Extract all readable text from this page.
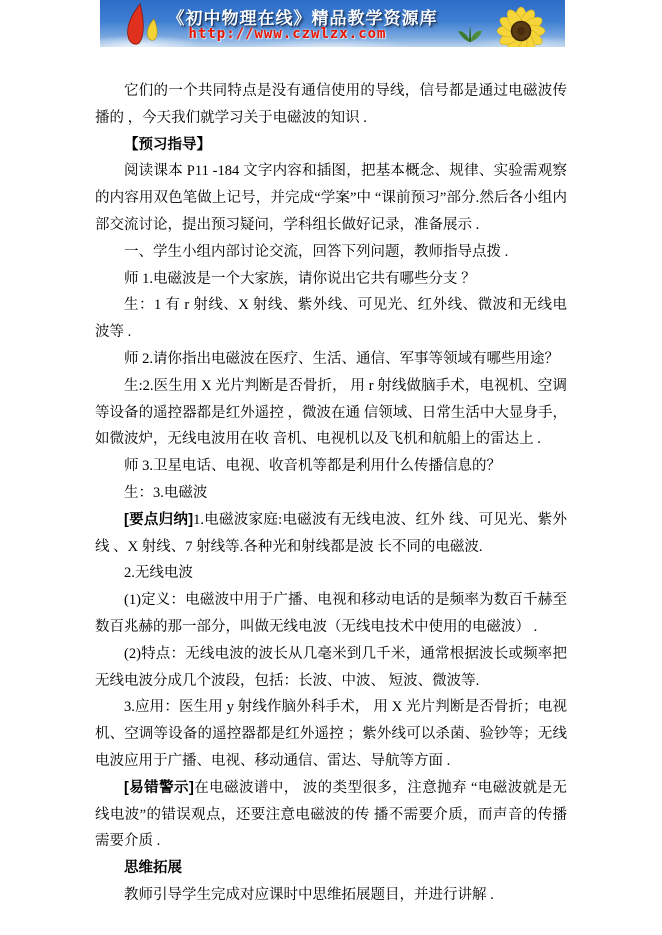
《初中物理在线》精品教学资源库
http://www.czwlzx.com

它们的一个共同特点是没有通信使用的导线，信号都是通过电磁波传播的 ，今天我们就学习关于电磁波的知识 .

【预习指导】

阅读课本 P11 -184 文字内容和插图，把基本概念、规律、实验需观察的内容用双色笔做上记号，并完成“学案”中 “课前预习”部分.然后各小组内部交流讨论，提出预习疑问，学科组长做好记录，准备展示 .

一、学生小组内部讨论交流，回答下列问题，教师指导点拨 .

师 1.电磁波是一个大家族，请你说出它共有哪些分支 ？

生：1 有 r 射线、X 射线、紫外线、可见光、红外线、微波和无线电波等 .

师 2.请你指出电磁波在医疗、生活、通信、军事等领域有哪些用途？

生:2.医生用 X 光片判断是否骨折， 用 r 射线做脑手术，电视机、空调等设备的遥控器都是红外遥控 ，微波在通 信领域、日常生活中大显身手，如微波炉，无线电波用在收 音机、电视机以及飞机和航船上的雷达上 .

师 3.卫星电话、电视、收音机等都是利用什么传播信息的？

生：3.电磁波

[要点归纳]1.电磁波家庭:电磁波有无线电波、红外 线、可见光、紫外线 、X 射线、7 射线等.各种光和射线都是波 长不同的电磁波.

2.无线电波

(1)定义：电磁波中用于广播、电视和移动电话的是频率为数百千赫至数百兆赫的那一部分，叫做无线电波（无线电技术中使用的电磁波） .

(2)特点：无线电波的波长从几毫米到几千米，通常根据波长或频率把无线电波分成几个波段，包括：长波、中波、 短波、微波等.

3.应用：医生用 y 射线作脑外科手术， 用 X 光片判断是否骨折；电视机、空调等设备的遥控器都是红外遥控 ；紫外线可以杀菌、验钞等；无线电波应用于广播、电视、移动通信、雷达、导航等方面 .

[易错警示]在电磁波谱中， 波的类型很多，注意抛弃 “电磁波就是无线电波”的错误观点，还要注意电磁波的传 播不需要介质，而声音的传播需要介质 .

思维拓展

教师引导学生完成对应课时中思维拓展题目，并进行讲解 .
